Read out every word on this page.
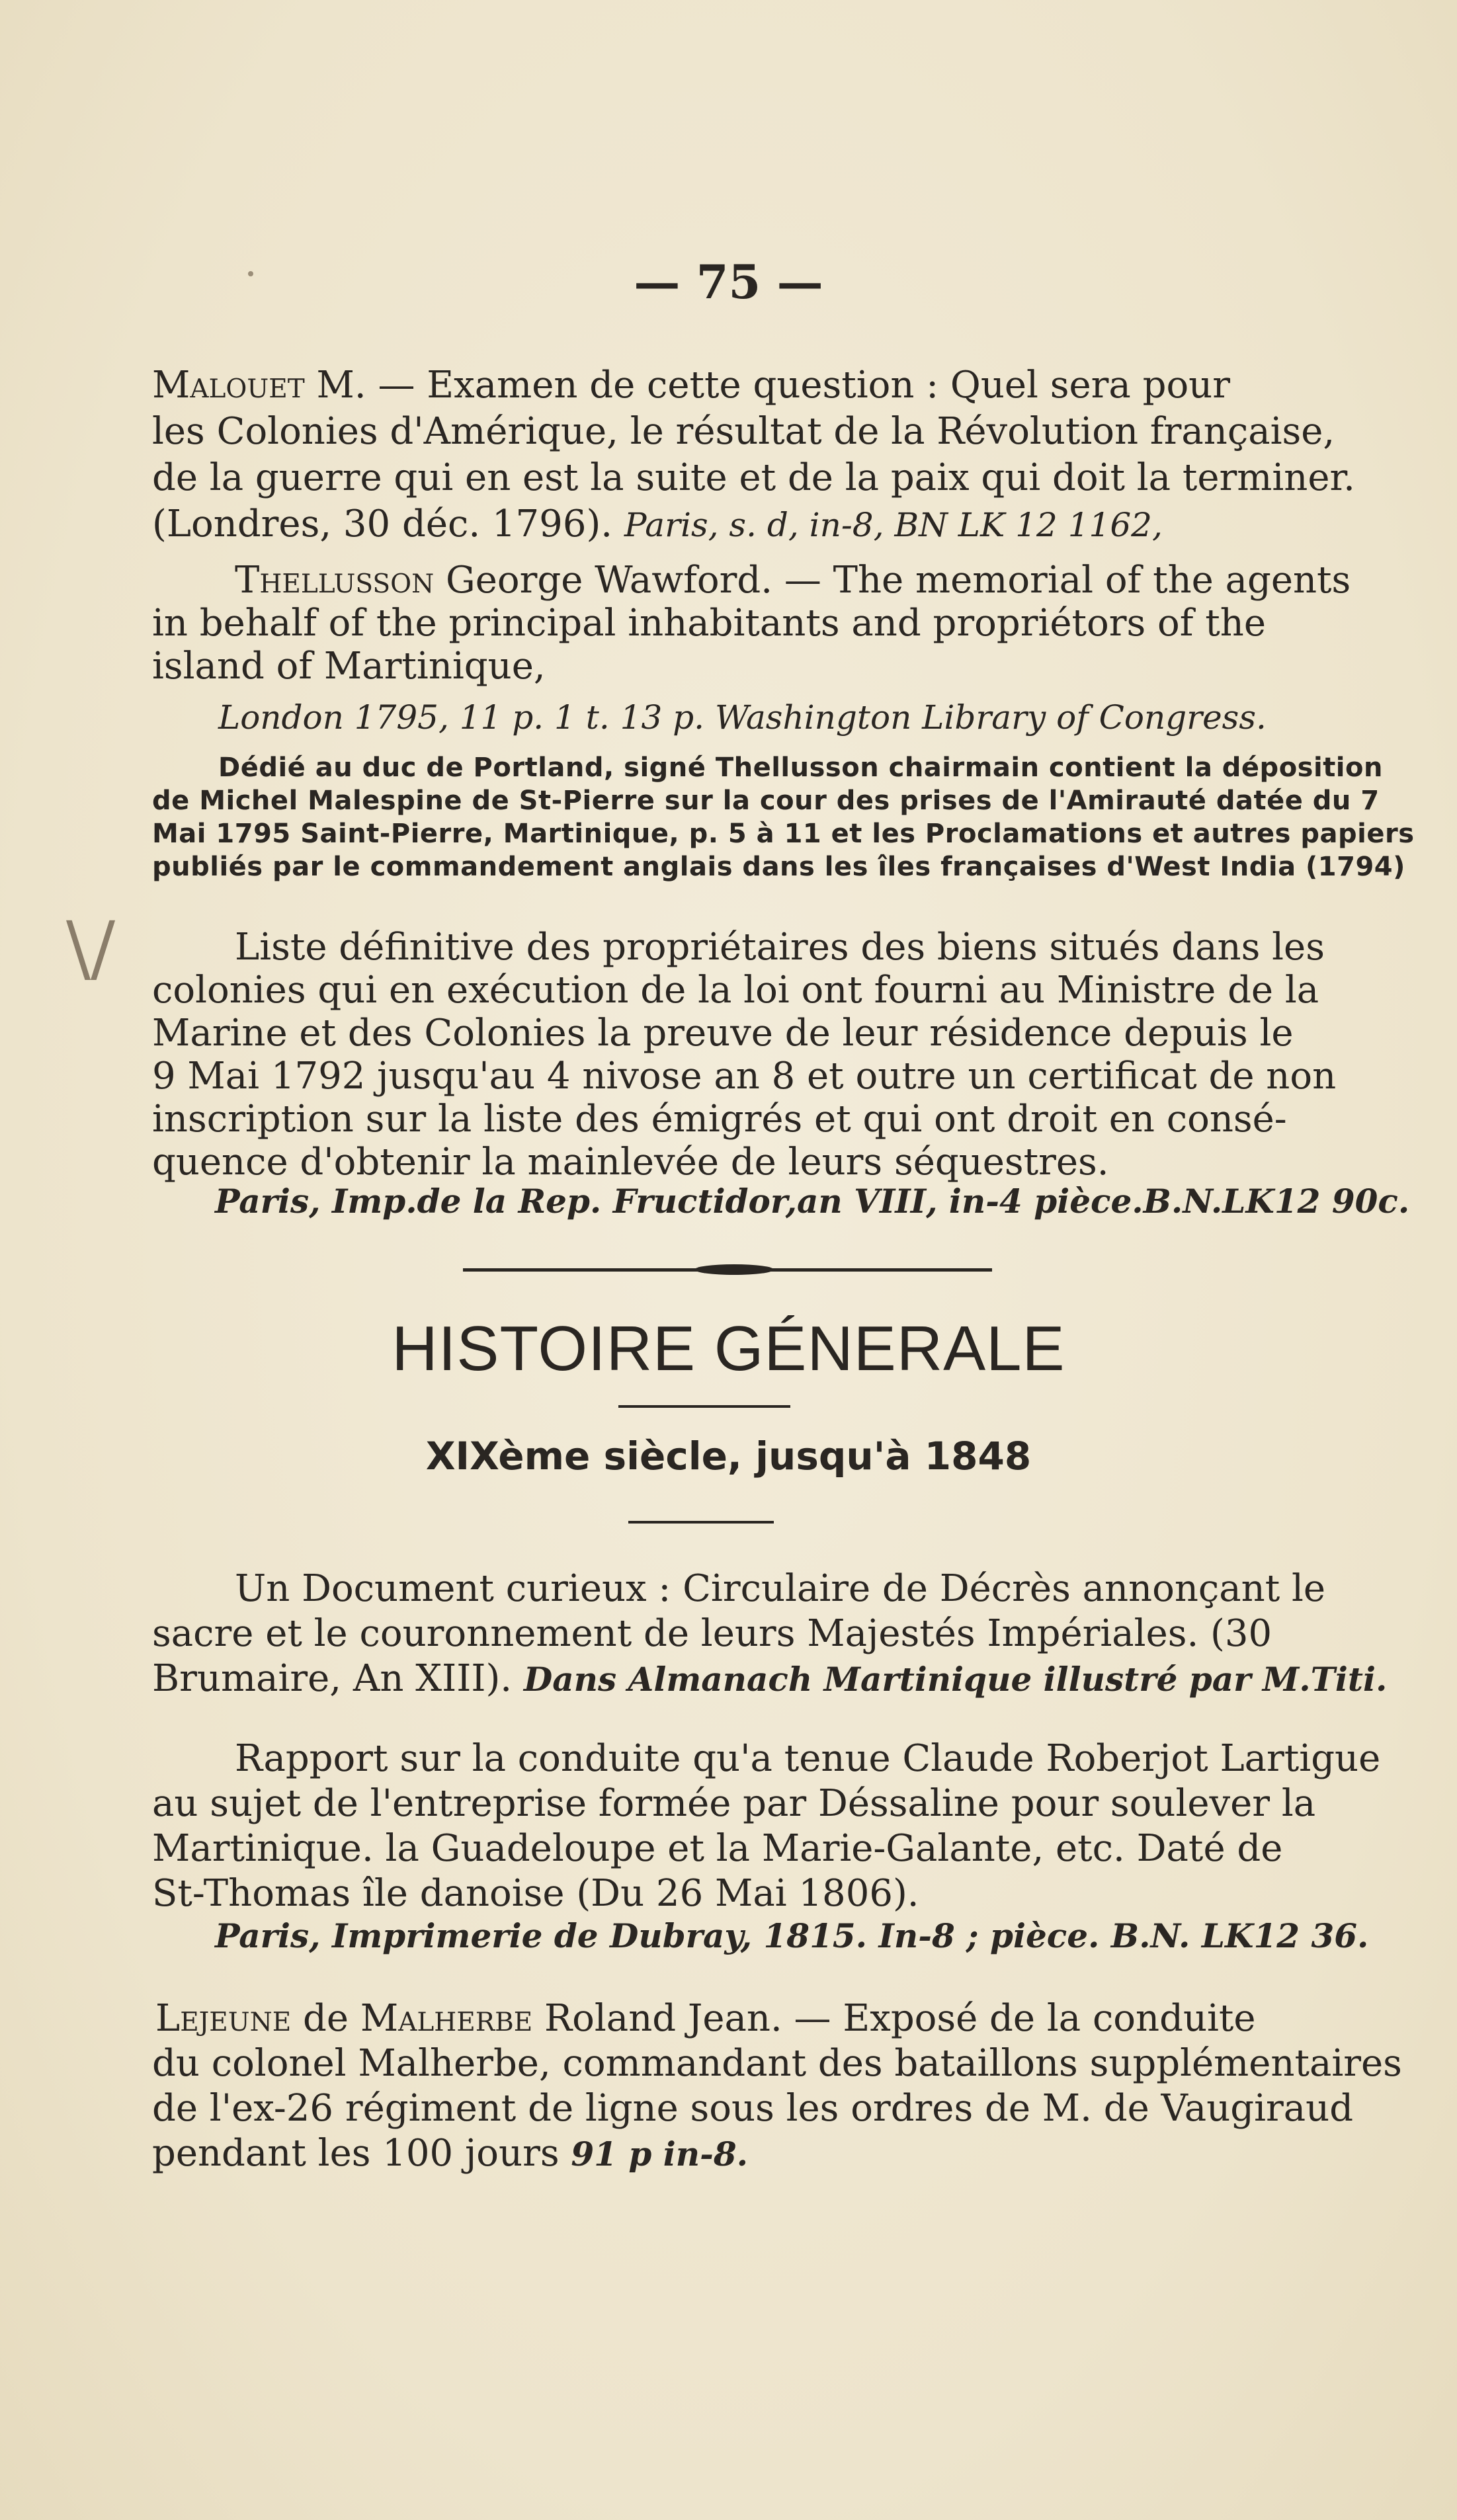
— 75 —
Malouet M. — Examen de cette question : Quel sera pour
les Colonies d'Amérique, le résultat de la Révolution française,
de la guerre qui en est la suite et de la paix qui doit la terminer.
(Londres, 30 déc. 1796). Paris, s. d, in-8, BN LK 12 1162,
Thellusson George Wawford. — The memorial of the agents
in behalf of the principal inhabitants and propriétors of the
island of Martinique,
London 1795, 11 p. 1 t. 13 p. Washington Library of Congress.
Dédié au duc de Portland, signé Thellusson chairmain contient la déposition
de Michel Malespine de St-Pierre sur la cour des prises de l'Amirauté datée du 7
Mai 1795 Saint-Pierre, Martinique, p. 5 à 11 et les Proclamations et autres papiers
publiés par le commandement anglais dans les îles françaises d'West India (1794)
\/	Liste définitive des propriétaires des biens situés dans les
colonies qui en exécution de la loi ont fourni au Ministre de la
Marine et des Colonies la preuve de leur résidence depuis le
9 Mai 1792 jusqu'au 4 nivose an 8 et outre un certificat de non
inscription sur la liste des émigrés et qui ont droit en consé-
quence d'obtenir la mainlevée de leurs séquestres.
Paris, Imp.de la Rep. Fructidor,an VIII, in-4 pièce.B.N.LK12 90c.
HISTOIRE GÉNERALE
XIXème siècle, jusqu'à 1848
Un Document curieux : Circulaire de Décrès annonçant le
sacre et le couronnement de leurs Majestés Impériales. (30
Brumaire, An XIII). Dans Almanach Martinique illustré par M.Titi.
Rapport sur la conduite qu'a tenue Claude Roberjot Lartigue
au sujet de l'entreprise formée par Déssaline pour soulever la
Martinique. la Guadeloupe et la Marie-Galante, etc. Daté de
St-Thomas île danoise (Du 26 Mai 1806).
Paris, Imprimerie de Dubray, 1815. In-8 ; pièce. B.N. LK12 36.
Lejeune de Malherbe Roland Jean. — Exposé de la conduite
du colonel Malherbe, commandant des bataillons supplémentaires
de l'ex-26 régiment de ligne sous les ordres de M. de Vaugiraud
pendant les 100 jours 91 p in-8.
